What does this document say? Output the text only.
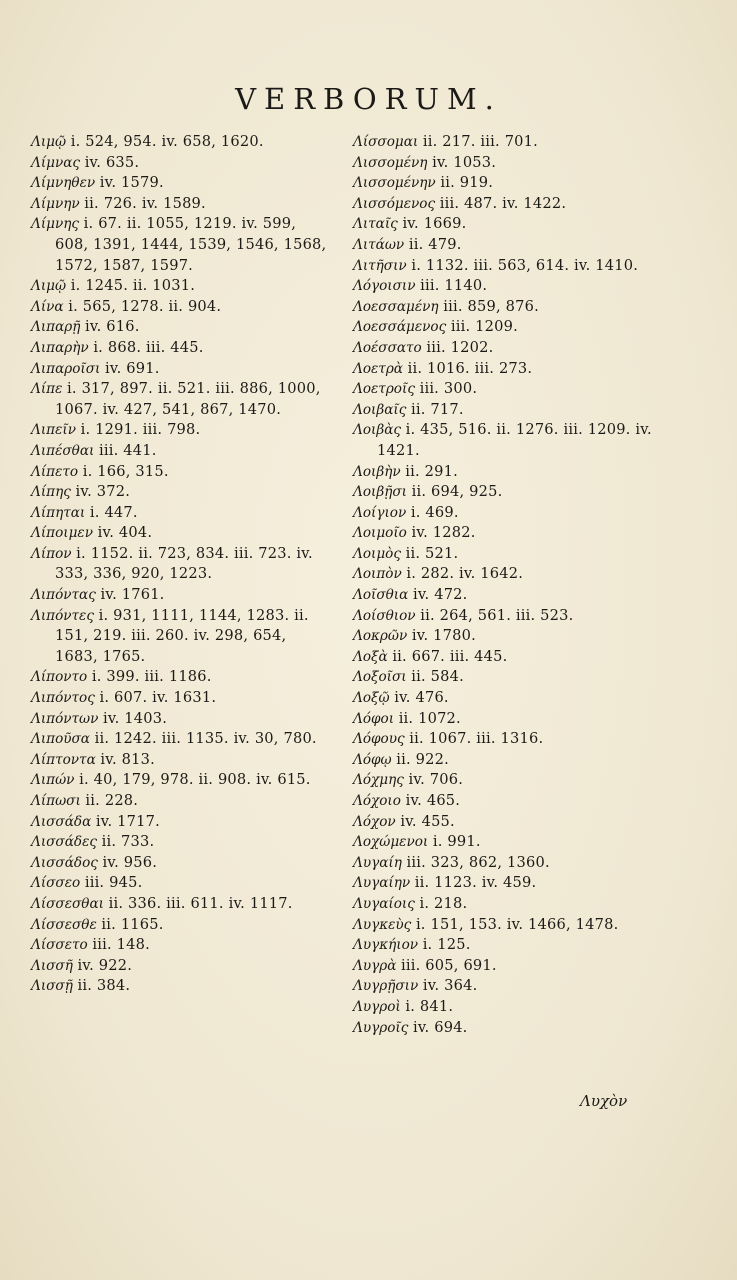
VERBORUM.
Λιμῷ i. 524, 954. iv. 658, 1620.
Λίμνας iv. 635.
Λίμνηθεν iv. 1579.
Λίμνην ii. 726. iv. 1589.
Λίμνης i. 67. ii. 1055, 1219. iv. 599, 608, 1391, 1444, 1539, 1546, 1568, 1572, 1587, 1597.
Λιμῷ i. 1245. ii. 1031.
Λίνα i. 565, 1278. ii. 904.
Λιπαρῇ iv. 616.
Λιπαρὴν i. 868. iii. 445.
Λιπαροῖσι iv. 691.
Λίπε i. 317, 897. ii. 521. iii. 886, 1000, 1067. iv. 427, 541, 867, 1470.
Λιπεῖν i. 1291. iii. 798.
Λιπέσθαι iii. 441.
Λίπετο i. 166, 315.
Λίπης iv. 372.
Λίπηται i. 447.
Λίποιμεν iv. 404.
Λίπον i. 1152. ii. 723, 834. iii. 723. iv. 333, 336, 920, 1223.
Λιπόντας iv. 1761.
Λιπόντες i. 931, 1111, 1144, 1283. ii. 151, 219. iii. 260. iv. 298, 654, 1683, 1765.
Λίποντο i. 399. iii. 1186.
Λιπόντος i. 607. iv. 1631.
Λιπόντων iv. 1403.
Λιποῦσα ii. 1242. iii. 1135. iv. 30, 780.
Λίπτοντα iv. 813.
Λιπών i. 40, 179, 978. ii. 908. iv. 615.
Λίπωσι ii. 228.
Λισσάδα iv. 1717.
Λισσάδες ii. 733.
Λισσάδος iv. 956.
Λίσσεο iii. 945.
Λίσσεσθαι ii. 336. iii. 611. iv. 1117.
Λίσσεσθε ii. 1165.
Λίσσετο iii. 148.
Λισσῆ iv. 922.
Λισσῇ ii. 384.
Λίσσομαι ii. 217. iii. 701.
Λισσομένη iv. 1053.
Λισσομένην ii. 919.
Λισσόμενος iii. 487. iv. 1422.
Λιταῖς iv. 1669.
Λιτάων ii. 479.
Λιτῆσιν i. 1132. iii. 563, 614. iv. 1410.
Λόγοισιν iii. 1140.
Λοεσσαμένη iii. 859, 876.
Λοεσσάμενος iii. 1209.
Λοέσσατο iii. 1202.
Λοετρὰ ii. 1016. iii. 273.
Λοετροῖς iii. 300.
Λοιβαῖς ii. 717.
Λοιβὰς i. 435, 516. ii. 1276. iii. 1209. iv. 1421.
Λοιβὴν ii. 291.
Λοιβῇσι ii. 694, 925.
Λοίγιον i. 469.
Λοιμοῖο iv. 1282.
Λοιμὸς ii. 521.
Λοιπὸν i. 282. iv. 1642.
Λοῖσθια iv. 472.
Λοίσθιον ii. 264, 561. iii. 523.
Λοκρῶν iv. 1780.
Λοξὰ ii. 667. iii. 445.
Λοξοῖσι ii. 584.
Λοξῷ iv. 476.
Λόφοι ii. 1072.
Λόφους ii. 1067. iii. 1316.
Λόφῳ ii. 922.
Λόχμης iv. 706.
Λόχοιο iv. 465.
Λόχον iv. 455.
Λοχώμενοι i. 991.
Λυγαίη iii. 323, 862, 1360.
Λυγαίην ii. 1123. iv. 459.
Λυγαίοις i. 218.
Λυγκεὺς i. 151, 153. iv. 1466, 1478.
Λυγκήιον i. 125.
Λυγρὰ iii. 605, 691.
Λυγρῇσιν iv. 364.
Λυγροὶ i. 841.
Λυγροῖς iv. 694.
Λυχὸν
